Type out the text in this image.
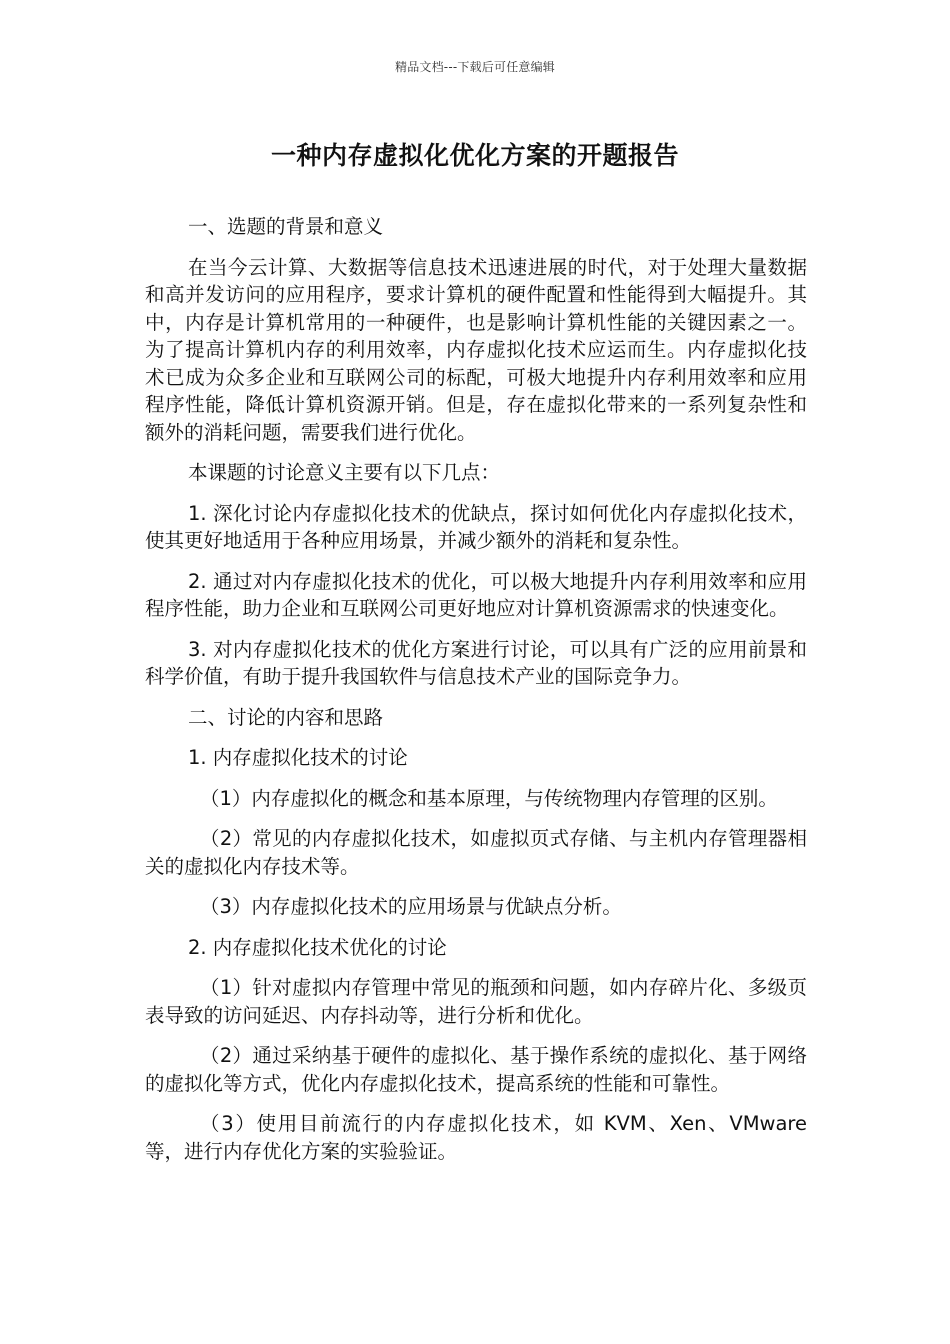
精品文档---下载后可任意编辑
一种内存虚拟化优化方案的开题报告

一、选题的背景和意义

在当今云计算、大数据等信息技术迅速进展的时代，对于处理大量数据和高并发访问的应用程序，要求计算机的硬件配置和性能得到大幅提升。其中，内存是计算机常用的一种硬件，也是影响计算机性能的关键因素之一。为了提高计算机内存的利用效率，内存虚拟化技术应运而生。内存虚拟化技术已成为众多企业和互联网公司的标配，可极大地提升内存利用效率和应用程序性能，降低计算机资源开销。但是，存在虚拟化带来的一系列复杂性和额外的消耗问题，需要我们进行优化。

本课题的讨论意义主要有以下几点：

1. 深化讨论内存虚拟化技术的优缺点，探讨如何优化内存虚拟化技术，使其更好地适用于各种应用场景，并减少额外的消耗和复杂性。

2. 通过对内存虚拟化技术的优化，可以极大地提升内存利用效率和应用程序性能，助力企业和互联网公司更好地应对计算机资源需求的快速变化。

3. 对内存虚拟化技术的优化方案进行讨论，可以具有广泛的应用前景和科学价值，有助于提升我国软件与信息技术产业的国际竞争力。

二、讨论的内容和思路

1. 内存虚拟化技术的讨论

（1）内存虚拟化的概念和基本原理，与传统物理内存管理的区别。

（2）常见的内存虚拟化技术，如虚拟页式存储、与主机内存管理器相关的虚拟化内存技术等。

（3）内存虚拟化技术的应用场景与优缺点分析。

2. 内存虚拟化技术优化的讨论

（1）针对虚拟内存管理中常见的瓶颈和问题，如内存碎片化、多级页表导致的访问延迟、内存抖动等，进行分析和优化。

（2）通过采纳基于硬件的虚拟化、基于操作系统的虚拟化、基于网络的虚拟化等方式，优化内存虚拟化技术，提高系统的性能和可靠性。

（3）使用目前流行的内存虚拟化技术，如 KVM、Xen、VMware 等，进行内存优化方案的实验验证。
